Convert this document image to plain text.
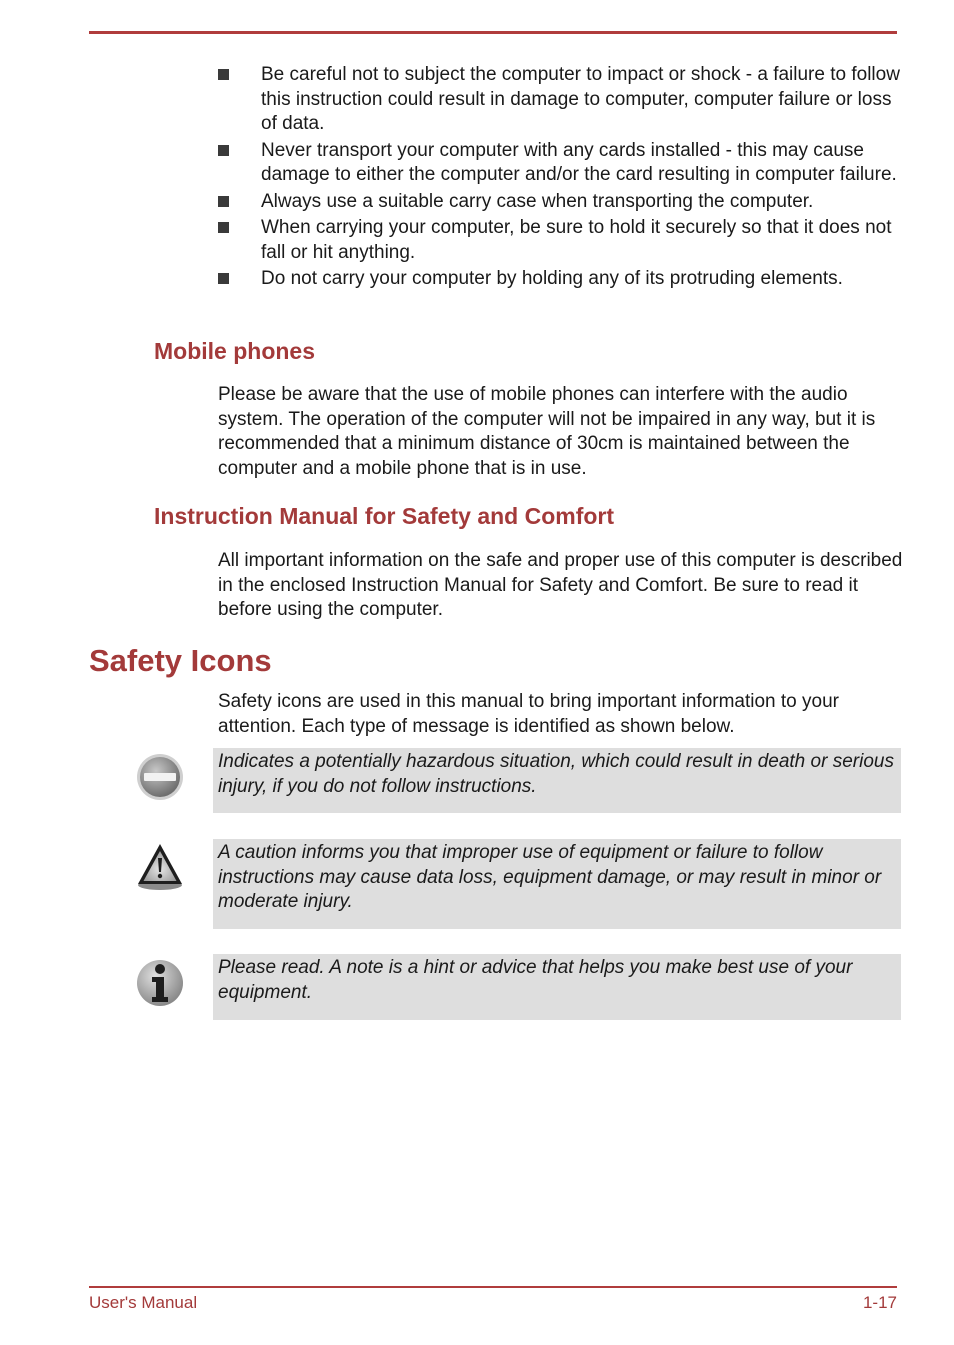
Be careful not to subject the computer to impact or shock - a failure to follow this instruction could result in damage to computer, computer failure or loss of data.
Never transport your computer with any cards installed - this may cause damage to either the computer and/or the card resulting in computer failure.
Always use a suitable carry case when transporting the computer.
When carrying your computer, be sure to hold it securely so that it does not fall or hit anything.
Do not carry your computer by holding any of its protruding elements.
Mobile phones

Please be aware that the use of mobile phones can interfere with the audio system. The operation of the computer will not be impaired in any way, but it is recommended that a minimum distance of 30cm is maintained between the computer and a mobile phone that is in use.

Instruction Manual for Safety and Comfort

All important information on the safe and proper use of this computer is described in the enclosed Instruction Manual for Safety and Comfort. Be sure to read it before using the computer.

Safety Icons

Safety icons are used in this manual to bring important information to your attention. Each type of message is identified as shown below.

Indicates a potentially hazardous situation, which could result in death or serious injury, if you do not follow instructions.
A caution informs you that improper use of equipment or failure to follow instructions may cause data loss, equipment damage, or may result in minor or moderate injury.
Please read. A note is a hint or advice that helps you make best use of your equipment.
User's Manual	1-17
